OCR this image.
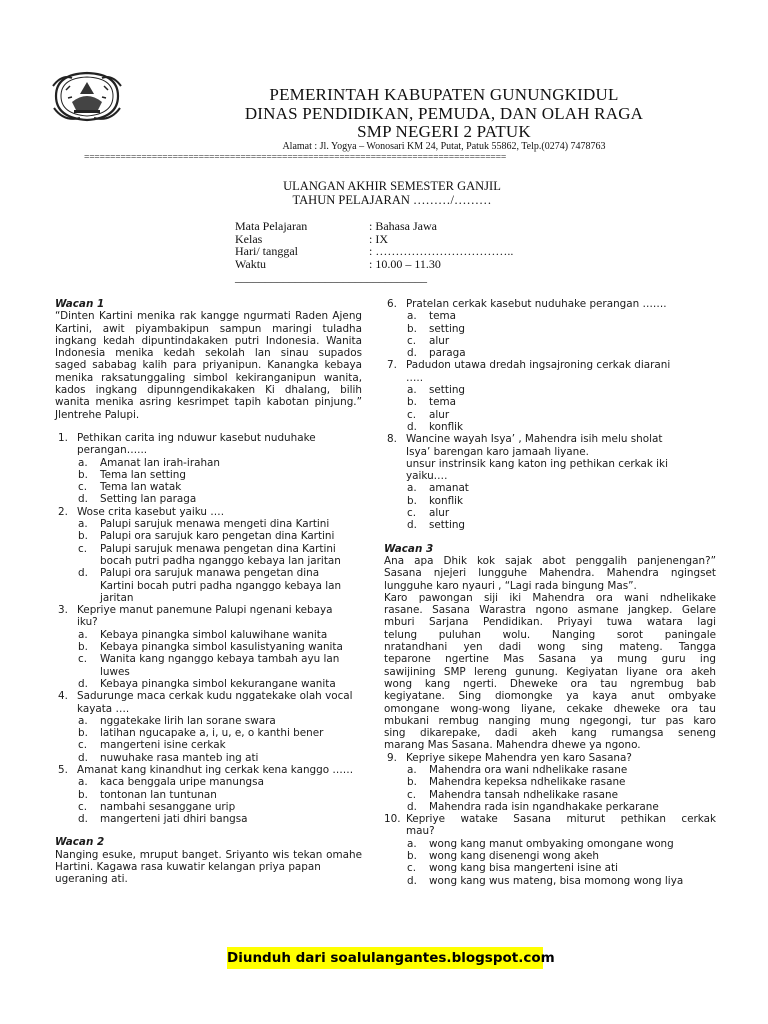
PEMERINTAH KABUPATEN GUNUNGKIDUL
DINAS PENDIDIKAN, PEMUDA, DAN OLAH RAGA
SMP NEGERI 2 PATUK
Alamat : Jl. Yogya – Wonosari KM 24, Putat, Patuk 55862, Telp.(0274) 7478763
=================================================================================
ULANGAN AKHIR SEMESTER GANJIL
TAHUN PELAJARAN ………/………
Mata Pelajaran	: Bahasa Jawa
Kelas	: IX
Hari/ tanggal	: ……………………………..
Waktu	: 10.00 – 11.30
________________________________
Wacan 1
“Dinten Kartini menika rak kangge ngurmati Raden Ajeng
Kartini, awit piyambakipun sampun maringi tuladha
ingkang kedah dipuntindakaken putri Indonesia. Wanita
Indonesia menika kedah sekolah lan sinau supados
saged sababag kalih para priyanipun. Kanangka kebaya
menika raksatunggaling simbol kekiranganipun wanita,
kados ingkang dipunngendikakaken Ki dhalang, bilih
wanita menika asring kesrimpet tapih kabotan pinjung.”
Jlentrehe Palupi.
1. Pethikan carita ing nduwur kasebut nuduhake
perangan…...
a. Amanat lan irah-irahan
b. Tema lan setting
c. Tema lan watak
d. Setting lan paraga
2. Wose crita kasebut yaiku ….
a. Palupi sarujuk menawa mengeti dina Kartini
b. Palupi ora sarujuk karo pengetan dina Kartini
c. Palupi sarujuk menawa pengetan dina Kartini
bocah putri padha nganggo kebaya lan jaritan
d. Palupi ora sarujuk manawa pengetan dina
Kartini bocah putri padha nganggo kebaya lan
jaritan
3. Kepriye manut panemune Palupi ngenani kebaya
iku?
a. Kebaya pinangka simbol kaluwihane wanita
b. Kebaya pinangka simbol kasulistyaning wanita
c. Wanita kang nganggo kebaya tambah ayu lan
luwes
d. Kebaya pinangka simbol kekurangane wanita
4. Sadurunge maca cerkak kudu nggatekake olah vocal
kayata ….
a. nggatekake lirih lan sorane swara
b. latihan ngucapake a, i, u, e, o kanthi bener
c. mangerteni isine cerkak
d. nuwuhake rasa manteb ing ati
5. Amanat kang kinandhut ing cerkak kena kanggo ……
a. kaca benggala uripe manungsa
b. tontonan lan tuntunan
c. nambahi sesanggane urip
d. mangerteni jati dhiri bangsa
Wacan 2
Nanging esuke, mruput banget. Sriyanto wis tekan omahe
Hartini. Kagawa rasa kuwatir kelangan priya papan
ugeraning ati.
6. Pratelan cerkak kasebut nuduhake perangan …….
a. tema
b. setting
c. alur
d. paraga
7. Padudon utawa dredah ingsajroning cerkak diarani
…..
a. setting
b. tema
c. alur
d. konflik
8. Wancine wayah Isya’ , Mahendra isih melu sholat
Isya’ barengan karo jamaah liyane.
unsur instrinsik kang katon ing pethikan cerkak iki
yaiku….
a. amanat
b. konflik
c. alur
d. setting
Wacan 3
Ana apa Dhik kok sajak abot penggalih panjenengan?”
Sasana njejeri lungguhe Mahendra. Mahendra ngingset
lungguhe karo nyauri , “Lagi rada bingung Mas”.
Karo pawongan siji iki Mahendra ora wani ndhelikake
rasane. Sasana Warastra ngono asmane jangkep. Gelare
mburi Sarjana Pendidikan. Priyayi tuwa watara lagi
telung puluhan wolu. Nanging sorot paningale
nratandhani yen dadi wong sing mateng. Tangga
teparone ngertine Mas Sasana ya mung guru ing
sawijining SMP lereng gunung. Kegiyatan liyane ora akeh
wong kang ngerti. Dheweke ora tau ngrembug bab
kegiyatane. Sing diomongke ya kaya anut ombyake
omongane wong-wong liyane, cekake dheweke ora tau
mbukani rembug nanging mung ngegongi, tur pas karo
sing dikarepake, dadi akeh kang rumangsa seneng
marang Mas Sasana. Mahendra dhewe ya ngono.
9. Kepriye sikepe Mahendra yen karo Sasana?
a. Mahendra ora wani ndhelikake rasane
b. Mahendra kepeksa ndhelikake rasane
c. Mahendra tansah ndhelikake rasane
d. Mahendra rada isin ngandhakake perkarane
10. Kepriye watake Sasana miturut pethikan cerkak
mau?
a. wong kang manut ombyaking omongane wong
b. wong kang disenengi wong akeh
c. wong kang bisa mangerteni isine ati
d. wong kang wus mateng, bisa momong wong liya
Diunduh dari soalulangantes.blogspot.com
